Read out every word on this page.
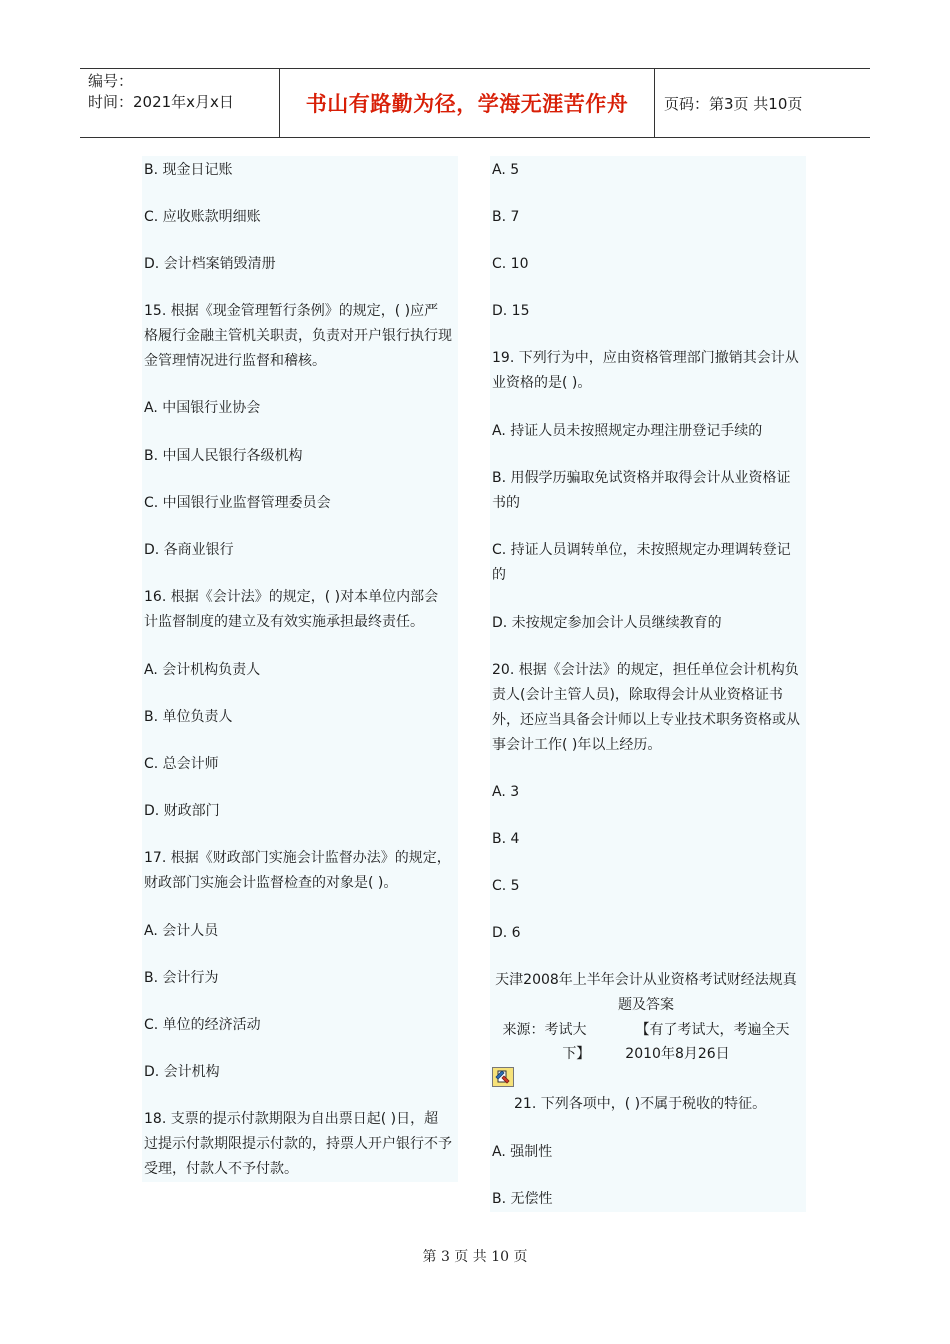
编号：
时间：2021年x月x日	书山有路勤为径，学海无涯苦作舟 页码：第3页 共10页

B. 现金日记账

C. 应收账款明细账

D. 会计档案销毁清册

15. 根据《现金管理暂行条例》的规定，( )应严格履行金融主管机关职责，负责对开户银行执行现金管理情况进行监督和稽核。

A. 中国银行业协会

B. 中国人民银行各级机构

C. 中国银行业监督管理委员会

D. 各商业银行

16. 根据《会计法》的规定，( )对本单位内部会计监督制度的建立及有效实施承担最终责任。

A. 会计机构负责人

B. 单位负责人

C. 总会计师

D. 财政部门

17. 根据《财政部门实施会计监督办法》的规定，财政部门实施会计监督检查的对象是( )。

A. 会计人员

B. 会计行为

C. 单位的经济活动

D. 会计机构

18. 支票的提示付款期限为自出票日起( )日，超过提示付款期限提示付款的，持票人开户银行不予受理，付款人不予付款。

A. 5

B. 7

C. 10

D. 15

19. 下列行为中，应由资格管理部门撤销其会计从业资格的是( )。

A. 持证人员未按照规定办理注册登记手续的

B. 用假学历骗取免试资格并取得会计从业资格证书的

C. 持证人员调转单位，未按照规定办理调转登记的

D. 未按规定参加会计人员继续教育的

20. 根据《会计法》的规定，担任单位会计机构负责人(会计主管人员)，除取得会计从业资格证书外，还应当具备会计师以上专业技术职务资格或从事会计工作( )年以上经历。

A. 3

B. 4

C. 5

D. 6

天津2008年上半年会计从业资格考试财经法规真题及答案

来源：考试大　　　　【有了考试大，考遍全天

下】　　　2010年8月26日

21. 下列各项中，( )不属于税收的特征。

A. 强制性

B. 无偿性

第 3 页 共 10 页
